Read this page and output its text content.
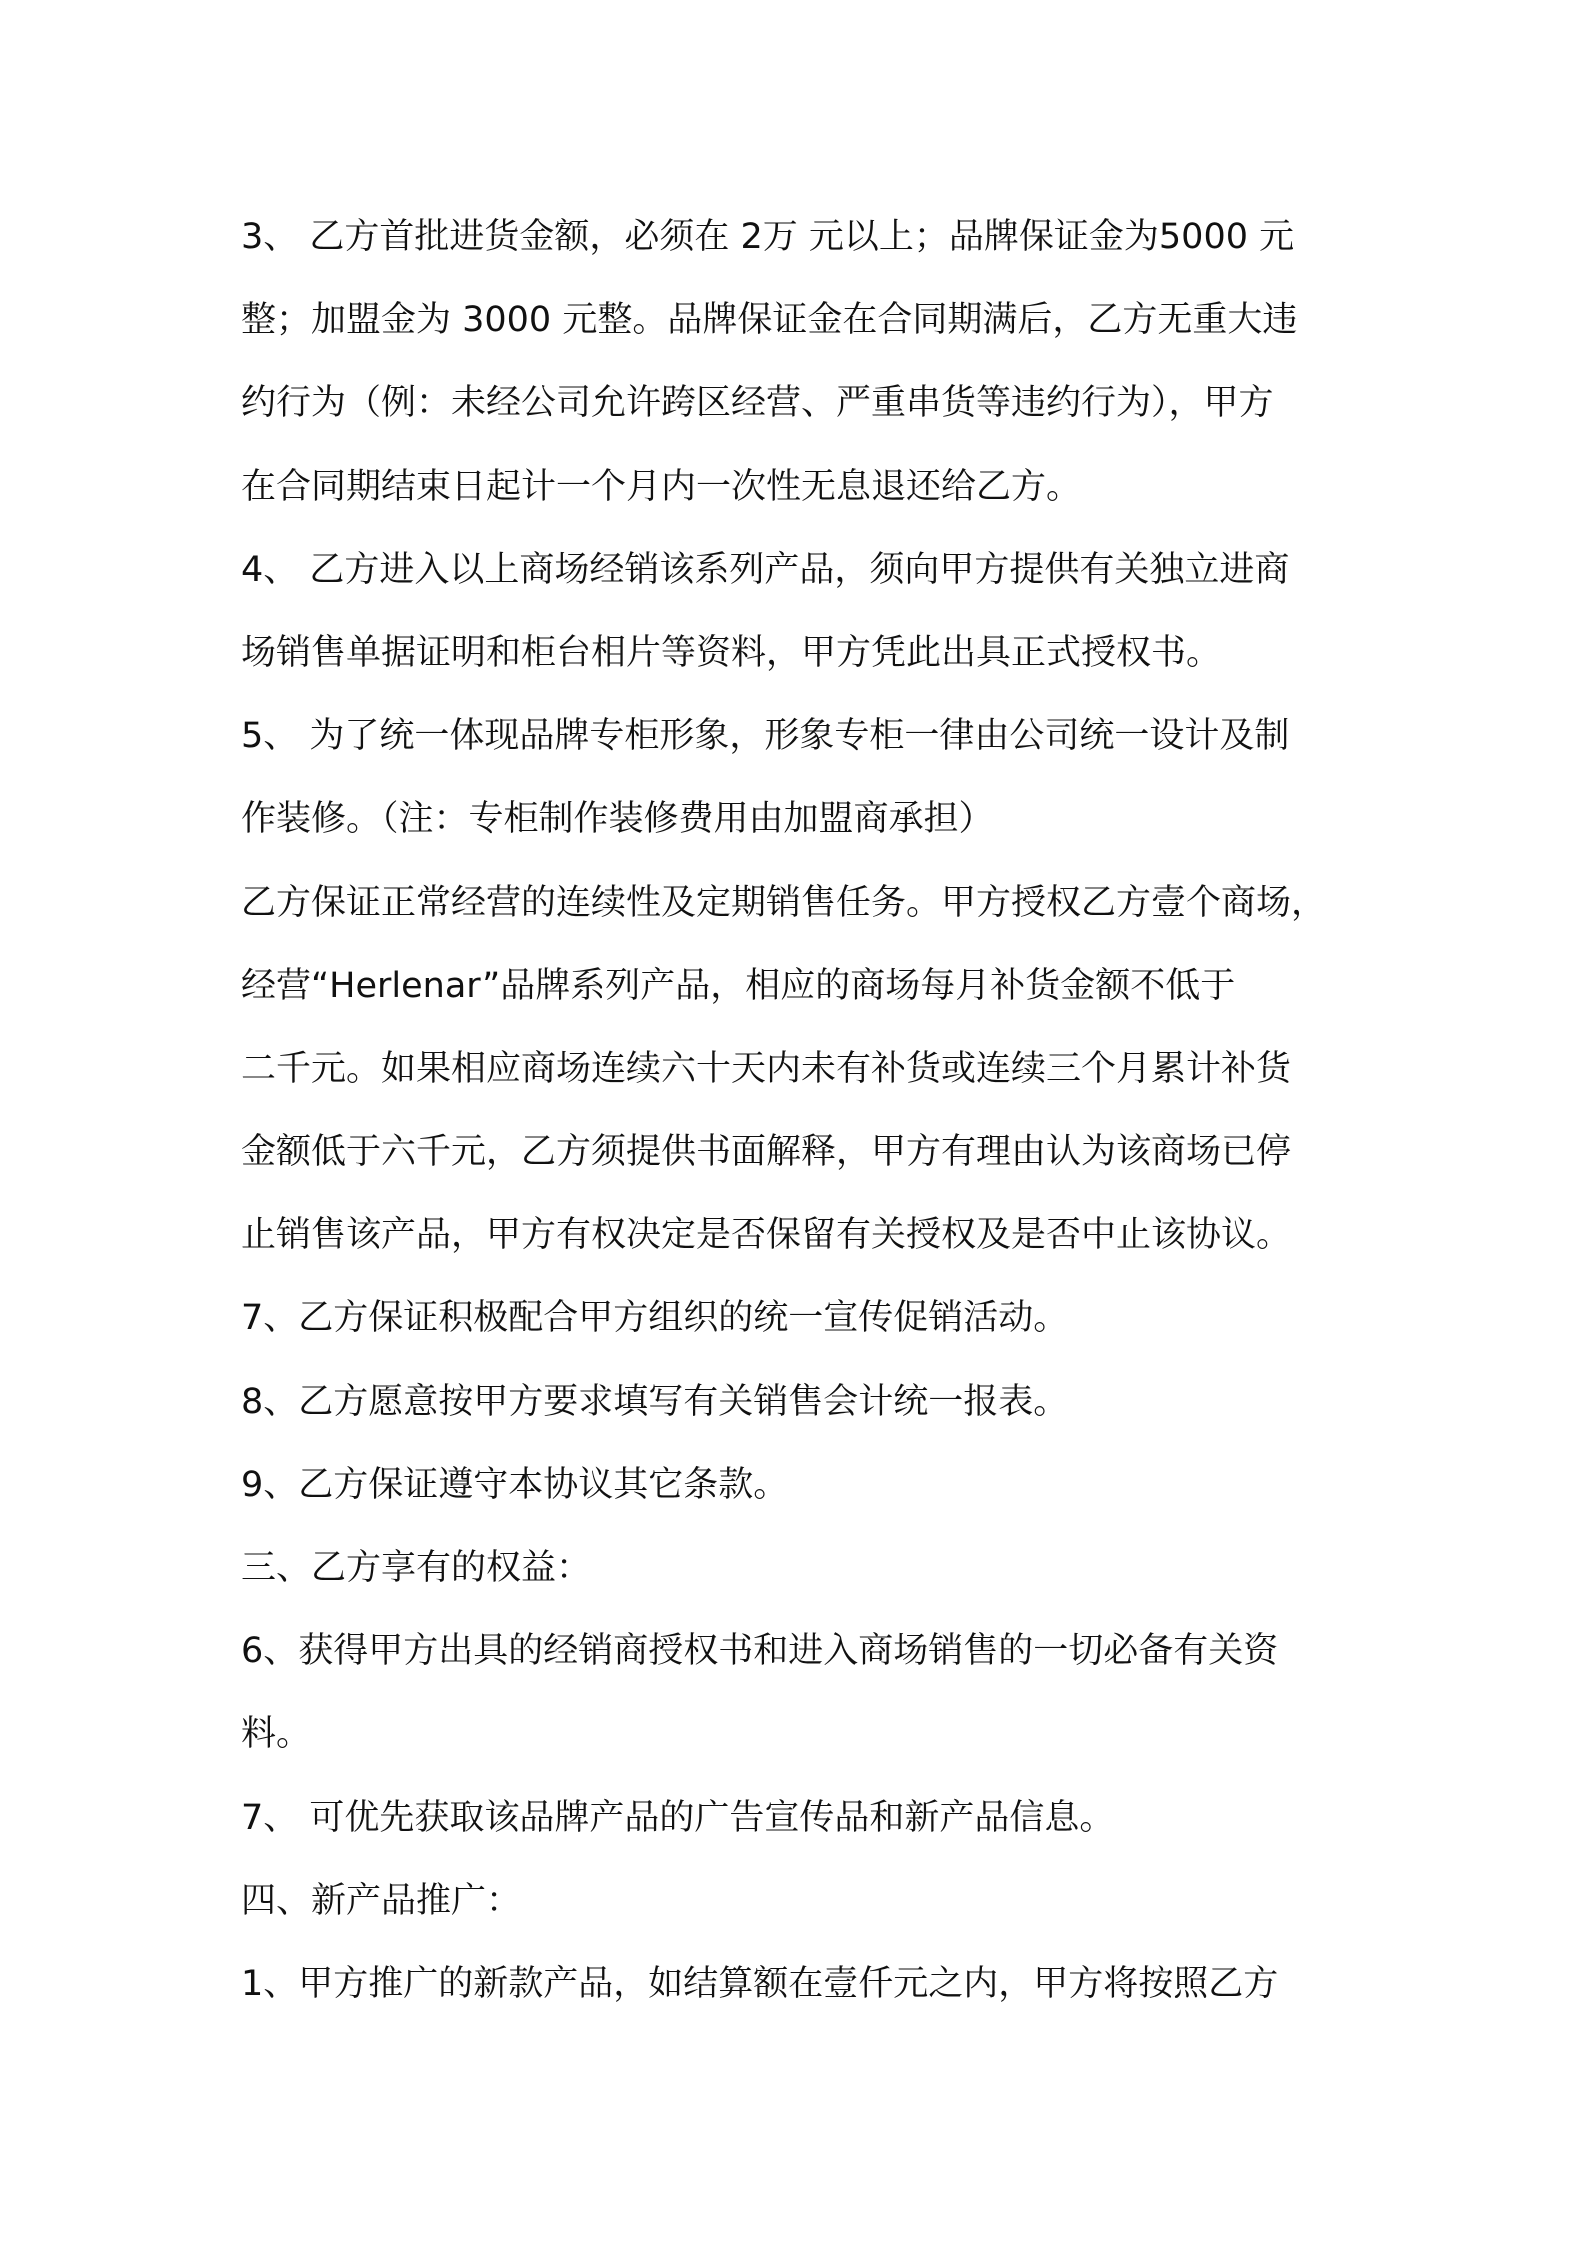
3、 乙方首批进货金额，必须在 2万 元以上；品牌保证金为5000 元
整；加盟金为 3000 元整。品牌保证金在合同期满后，乙方无重大违
约行为（例：未经公司允许跨区经营、严重串货等违约行为），甲方
在合同期结束日起计一个月内一次性无息退还给乙方。
4、 乙方进入以上商场经销该系列产品，须向甲方提供有关独立进商
场销售单据证明和柜台相片等资料，甲方凭此出具正式授权书。
5、 为了统一体现品牌专柜形象，形象专柜一律由公司统一设计及制
作装修。（注：专柜制作装修费用由加盟商承担）
乙方保证正常经营的连续性及定期销售任务。甲方授权乙方壹个商场，
经营“Herlenar”品牌系列产品，相应的商场每月补货金额不低于
二千元。如果相应商场连续六十天内未有补货或连续三个月累计补货
金额低于六千元，乙方须提供书面解释，甲方有理由认为该商场已停
止销售该产品，甲方有权决定是否保留有关授权及是否中止该协议。
7、乙方保证积极配合甲方组织的统一宣传促销活动。
8、乙方愿意按甲方要求填写有关销售会计统一报表。
9、乙方保证遵守本协议其它条款。
三、乙方享有的权益：
6、获得甲方出具的经销商授权书和进入商场销售的一切必备有关资
料。
7、 可优先获取该品牌产品的广告宣传品和新产品信息。
四、新产品推广：
1、甲方推广的新款产品，如结算额在壹仟元之内，甲方将按照乙方
